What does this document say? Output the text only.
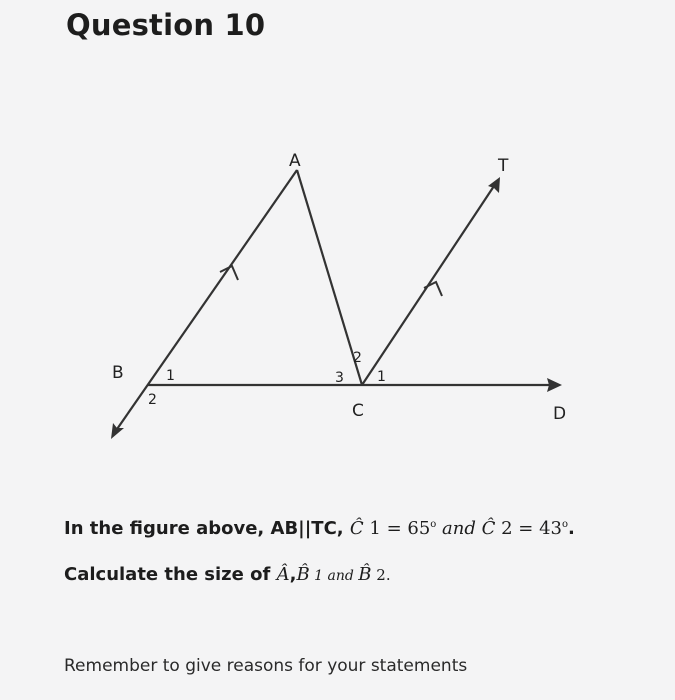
Question 10
A	T
B
C	D
1
2
3
2
1
In the figure above, AB||TC, C $1 = 65^o$ and C $2 = 43^o$.
Calculate the size of A,B 1 and B 2.
Remember to give reasons for your statements
